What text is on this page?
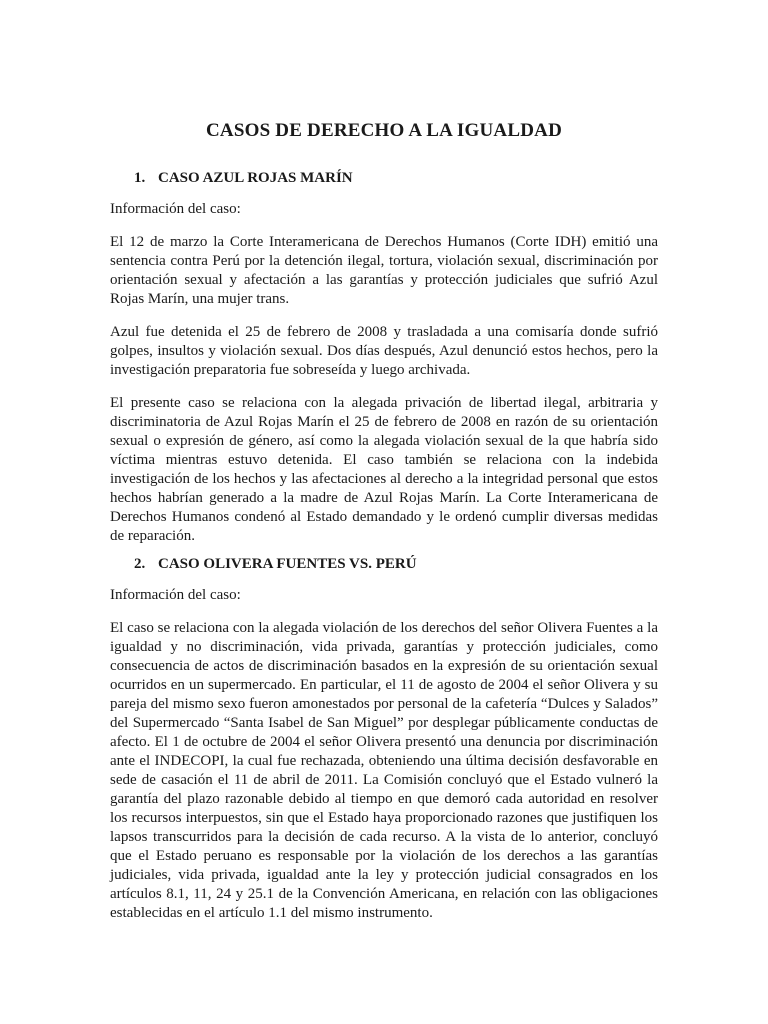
CASOS DE DERECHO A LA IGUALDAD
1. CASO AZUL ROJAS MARÍN

Información del caso:

El 12 de marzo la Corte Interamericana de Derechos Humanos (Corte IDH) emitió una sentencia contra Perú por la detención ilegal, tortura, violación sexual, discriminación por orientación sexual y afectación a las garantías y protección judiciales que sufrió Azul Rojas Marín, una mujer trans.

Azul fue detenida el 25 de febrero de 2008 y trasladada a una comisaría donde sufrió golpes, insultos y violación sexual. Dos días después, Azul denunció estos hechos, pero la investigación preparatoria fue sobreseída y luego archivada.

El presente caso se relaciona con la alegada privación de libertad ilegal, arbitraria y discriminatoria de Azul Rojas Marín el 25 de febrero de 2008 en razón de su orientación sexual o expresión de género, así como la alegada violación sexual de la que habría sido víctima mientras estuvo detenida. El caso también se relaciona con la indebida investigación de los hechos y las afectaciones al derecho a la integridad personal que estos hechos habrían generado a la madre de Azul Rojas Marín. La Corte Interamericana de Derechos Humanos condenó al Estado demandado y le ordenó cumplir diversas medidas de reparación.

2. CASO OLIVERA FUENTES VS. PERÚ

Información del caso:

El caso se relaciona con la alegada violación de los derechos del señor Olivera Fuentes a la igualdad y no discriminación, vida privada, garantías y protección judiciales, como consecuencia de actos de discriminación basados en la expresión de su orientación sexual ocurridos en un supermercado. En particular, el 11 de agosto de 2004 el señor Olivera y su pareja del mismo sexo fueron amonestados por personal de la cafetería “Dulces y Salados” del Supermercado “Santa Isabel de San Miguel” por desplegar públicamente conductas de afecto. El 1 de octubre de 2004 el señor Olivera presentó una denuncia por discriminación ante el INDECOPI, la cual fue rechazada, obteniendo una última decisión desfavorable en sede de casación el 11 de abril de 2011. La Comisión concluyó que el Estado vulneró la garantía del plazo razonable debido al tiempo en que demoró cada autoridad en resolver los recursos interpuestos, sin que el Estado haya proporcionado razones que justifiquen los lapsos transcurridos para la decisión de cada recurso. A la vista de lo anterior, concluyó que el Estado peruano es responsable por la violación de los derechos a las garantías judiciales, vida privada, igualdad ante la ley y protección judicial consagrados en los artículos 8.1, 11, 24 y 25.1 de la Convención Americana, en relación con las obligaciones establecidas en el artículo 1.1 del mismo instrumento.
